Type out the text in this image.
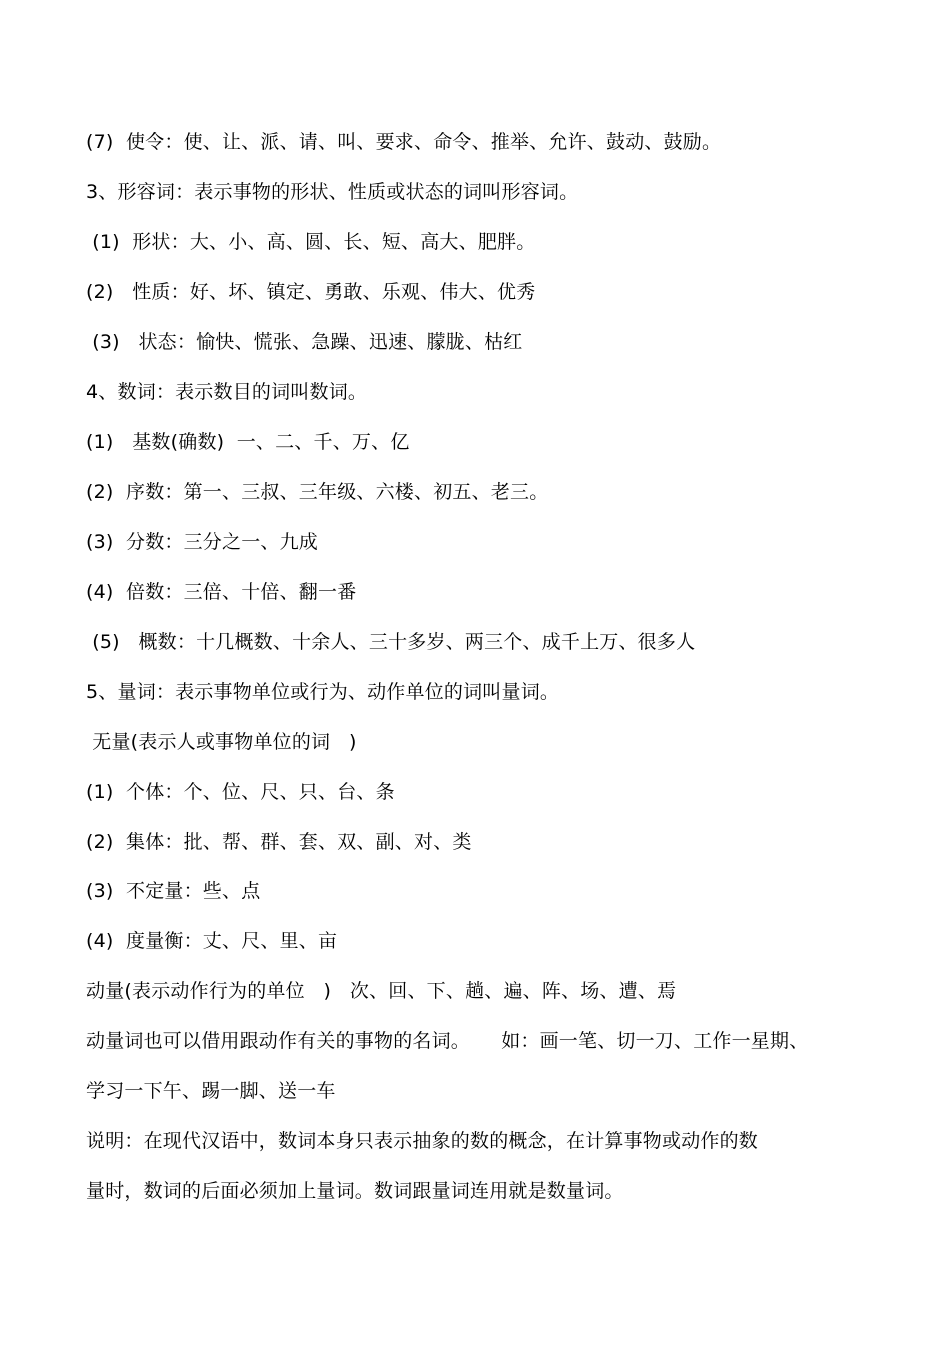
(7)  使令：使、让、派、请、叫、要求、命令、推举、允许、鼓动、鼓励。
3、形容词：表示事物的形状、性质或状态的词叫形容词。
(1)  形状：大、小、高、圆、长、短、高大、肥胖。
(2)   性质：好、坏、镇定、勇敢、乐观、伟大、优秀
(3)   状态：愉快、慌张、急躁、迅速、朦胧、枯红
4、数词：表示数目的词叫数词。
(1)   基数(确数)  一、二、千、万、亿
(2)  序数：第一、三叔、三年级、六楼、初五、老三。
(3)  分数：三分之一、九成
(4)  倍数：三倍、十倍、翻一番
(5)   概数：十几概数、十余人、三十多岁、两三个、成千上万、很多人
5、量词：表示事物单位或行为、动作单位的词叫量词。
无量(表示人或事物单位的词   )
(1)  个体：个、位、尺、只、台、条
(2)  集体：批、帮、群、套、双、副、对、类
(3)  不定量：些、点
(4)  度量衡：丈、尺、里、亩
动量(表示动作行为的单位   )   次、回、下、趟、遍、阵、场、遭、焉
动量词也可以借用跟动作有关的事物的名词。     如：画一笔、切一刀、工作一星期、
学习一下午、踢一脚、送一车
说明：在现代汉语中，数词本身只表示抽象的数的概念，在计算事物或动作的数
量时，数词的后面必须加上量词。数词跟量词连用就是数量词。
